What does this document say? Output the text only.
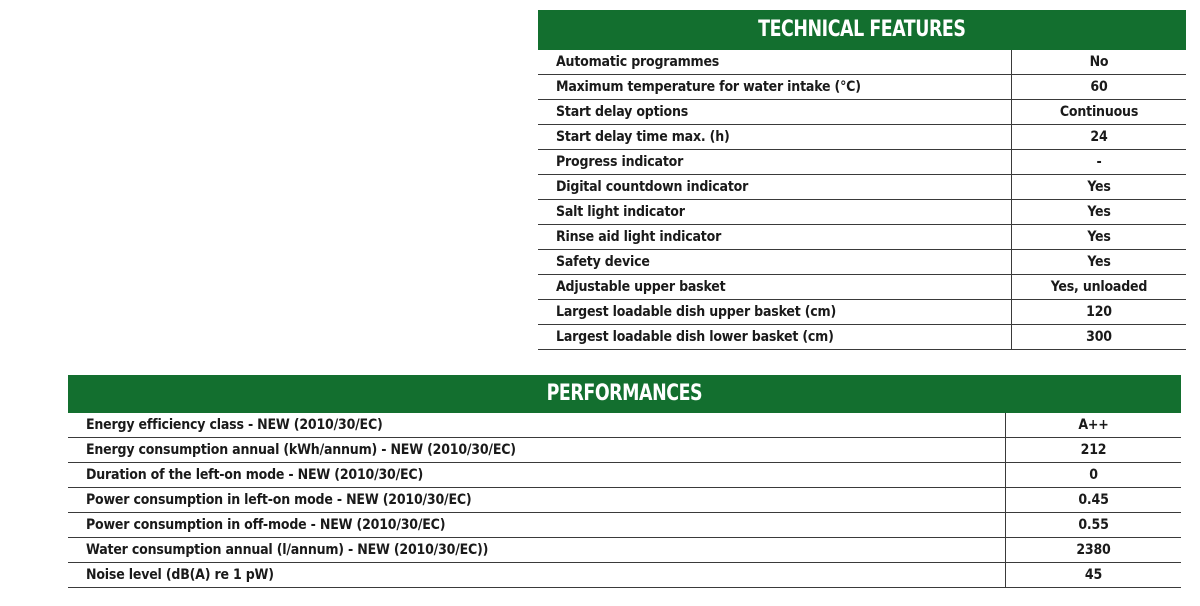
TECHNICAL FEATURES
Automatic programmes	No
Maximum temperature for water intake (°C)	60
Start delay options	Continuous
Start delay time max. (h)	24
Progress indicator	-
Digital countdown indicator	Yes
Salt light indicator	Yes
Rinse aid light indicator	Yes
Safety device	Yes
Adjustable upper basket	Yes, unloaded
Largest loadable dish upper basket (cm)	120
Largest loadable dish lower basket (cm)	300
PERFORMANCES
Energy efficiency class - NEW (2010/30/EC)	A++
Energy consumption annual (kWh/annum) - NEW (2010/30/EC)	212
Duration of the left-on mode - NEW (2010/30/EC)	0
Power consumption in left-on mode - NEW (2010/30/EC)	0.45
Power consumption in off-mode - NEW (2010/30/EC)	0.55
Water consumption annual (l/annum) - NEW (2010/30/EC))	2380
Noise level (dB(A) re 1 pW)	45
